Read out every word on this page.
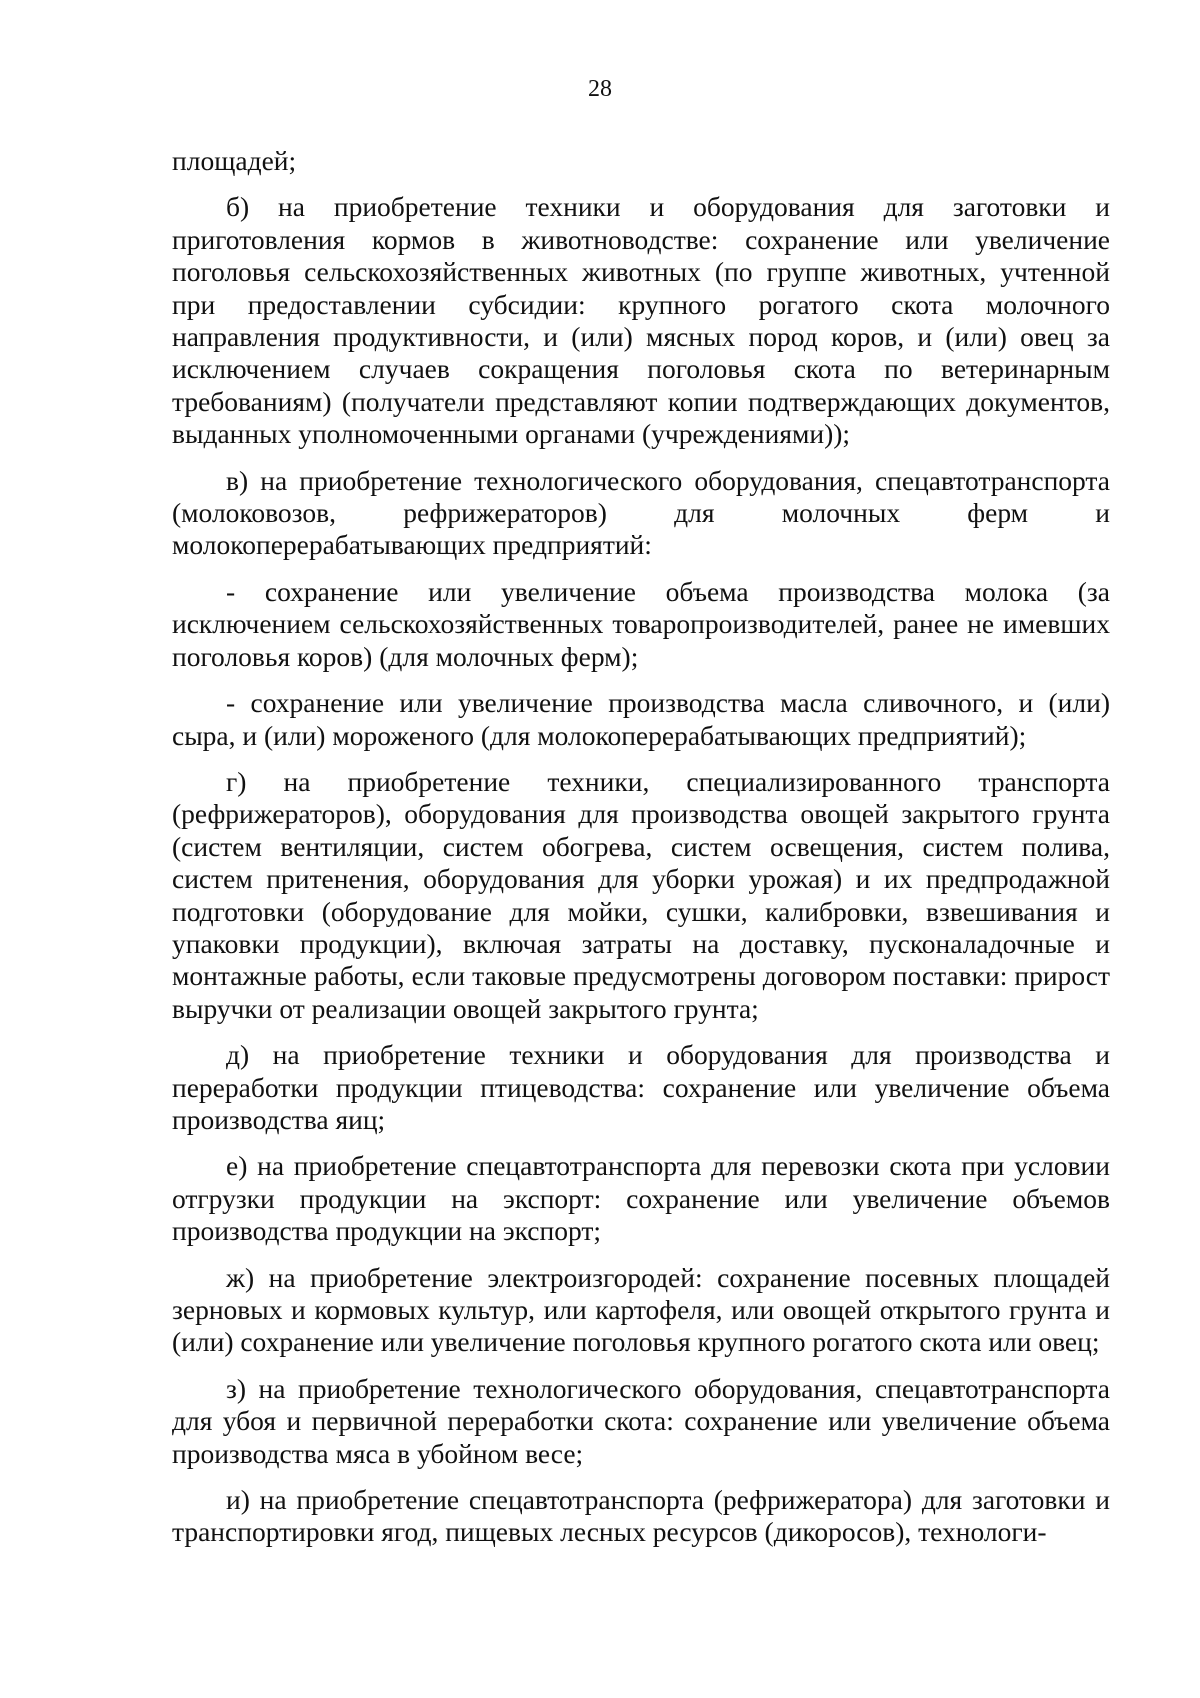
28

площадей;

б) на приобретение техники и оборудования для заготовки и приготовления кормов в животноводстве: сохранение или увеличение поголовья сельскохозяйственных животных (по группе животных, учтенной при предоставлении субсидии: крупного рогатого скота молочного направления продуктивности, и (или) мясных пород коров, и (или) овец за исключением случаев сокращения поголовья скота по ветеринарным требованиям) (получатели представляют копии подтверждающих документов, выданных уполномоченными органами (учреждениями));

в) на приобретение технологического оборудования, спецавтотранспорта (молоковозов, рефрижераторов) для молочных ферм и молокоперерабатывающих предприятий:

- сохранение или увеличение объема производства молока (за исключением сельскохозяйственных товаропроизводителей, ранее не имевших поголовья коров) (для молочных ферм);

- сохранение или увеличение производства масла сливочного, и (или) сыра, и (или) мороженого (для молокоперерабатывающих предприятий);

г) на приобретение техники, специализированного транспорта (рефрижераторов), оборудования для производства овощей закрытого грунта (систем вентиляции, систем обогрева, систем освещения, систем полива, систем притенения, оборудования для уборки урожая) и их предпродажной подготовки (оборудование для мойки, сушки, калибровки, взвешивания и упаковки продукции), включая затраты на доставку, пусконаладочные и монтажные работы, если таковые предусмотрены договором поставки: прирост выручки от реализации овощей закрытого грунта;

д) на приобретение техники и оборудования для производства и переработки продукции птицеводства: сохранение или увеличение объема производства яиц;

е) на приобретение спецавтотранспорта для перевозки скота при условии отгрузки продукции на экспорт: сохранение или увеличение объемов производства продукции на экспорт;

ж) на приобретение электроизгородей: сохранение посевных площадей зерновых и кормовых культур, или картофеля, или овощей открытого грунта и (или) сохранение или увеличение поголовья крупного рогатого скота или овец;

з) на приобретение технологического оборудования, спецавтотранспорта для убоя и первичной переработки скота: сохранение или увеличение объема производства мяса в убойном весе;

и) на приобретение спецавтотранспорта (рефрижератора) для заготовки и транспортировки ягод, пищевых лесных ресурсов (дикоросов), технологи-
